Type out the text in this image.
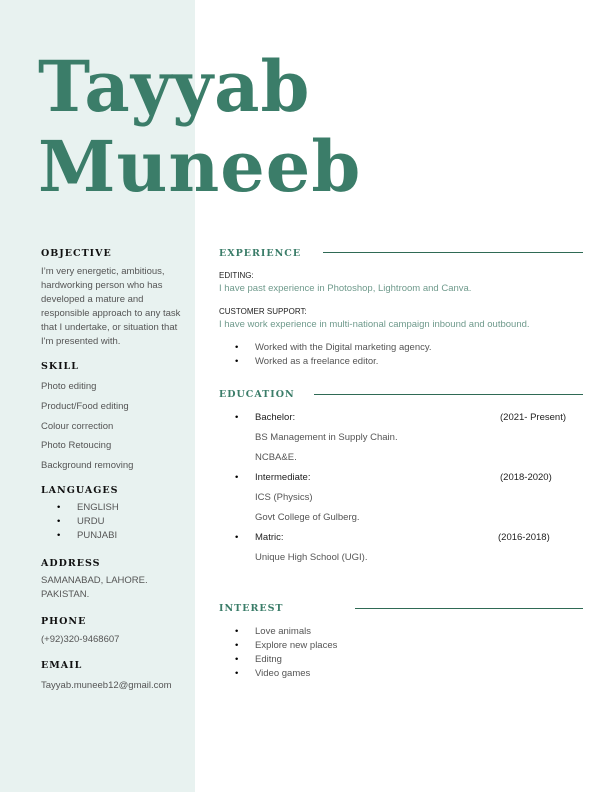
Tayyab
Muneeb
OBJECTIVE
I’m very energetic, ambitious, hardworking person who has developed a mature and responsible approach to any task that I undertake, or situation that I'm presented with.
SKILL
Photo editing
Product/Food editing
Colour correction
Photo Retoucing
Background removing
LANGUAGES
• ENGLISH
• URDU
• PUNJABI
ADDRESS
SAMANABAD, LAHORE.
PAKISTAN.
PHONE
(+92)320-9468607
EMAIL
Tayyab.muneeb12@gmail.com
EXPERIENCE
EDITING:
I have past experience in Photoshop, Lightroom and Canva.
CUSTOMER SUPPORT:
I have work experience in multi-national campaign inbound and outbound.
• Worked with the Digital marketing agency.
• Worked as a freelance editor.
EDUCATION
• Bachelor:	(2021- Present)
BS Management in Supply Chain.
NCBA&E.
• Intermediate:	(2018-2020)
ICS (Physics)
Govt College of Gulberg.
• Matric:	(2016-2018)
Unique High School (UGI).
INTEREST
• Love animals
• Explore new places
• Editng
• Video games
